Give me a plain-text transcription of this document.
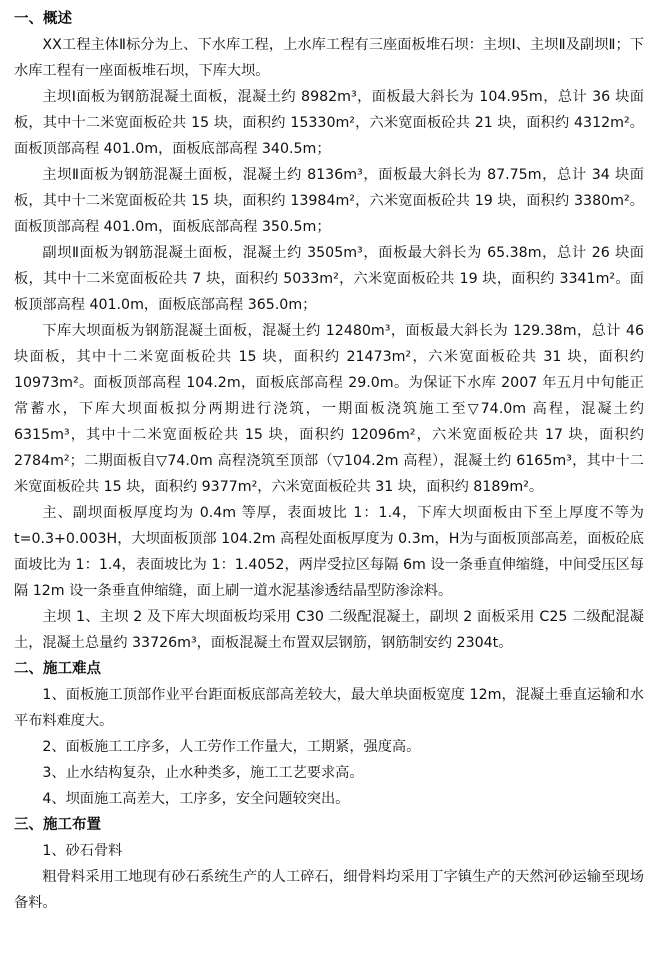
一、概述

XX工程主体Ⅱ标分为上、下水库工程，上水库工程有三座面板堆石坝：主坝Ⅰ、主坝Ⅱ及副坝Ⅱ；下水库工程有一座面板堆石坝，下库大坝。

主坝Ⅰ面板为钢筋混凝土面板，混凝土约 8982m³，面板最大斜长为 104.95m，总计 36 块面板，其中十二米宽面板砼共 15 块，面积约 15330m²，六米宽面板砼共 21 块，面积约 4312m²。面板顶部高程 401.0m，面板底部高程 340.5m；

主坝Ⅱ面板为钢筋混凝土面板，混凝土约 8136m³，面板最大斜长为 87.75m，总计 34 块面板，其中十二米宽面板砼共 15 块，面积约 13984m²，六米宽面板砼共 19 块，面积约 3380m²。面板顶部高程 401.0m，面板底部高程 350.5m；

副坝Ⅱ面板为钢筋混凝土面板，混凝土约 3505m³，面板最大斜长为 65.38m，总计 26 块面板，其中十二米宽面板砼共 7 块，面积约 5033m²，六米宽面板砼共 19 块，面积约 3341m²。面板顶部高程 401.0m，面板底部高程 365.0m；

下库大坝面板为钢筋混凝土面板，混凝土约 12480m³，面板最大斜长为 129.38m，总计 46 块面板，其中十二米宽面板砼共 15 块，面积约 21473m²，六米宽面板砼共 31 块，面积约 10973m²。面板顶部高程 104.2m，面板底部高程 29.0m。为保证下水库 2007 年五月中旬能正常蓄水，下库大坝面板拟分两期进行浇筑，一期面板浇筑施工至▽74.0m 高程，混凝土约 6315m³，其中十二米宽面板砼共 15 块，面积约 12096m²，六米宽面板砼共 17 块，面积约 2784m²；二期面板自▽74.0m 高程浇筑至顶部（▽104.2m 高程），混凝土约 6165m³，其中十二米宽面板砼共 15 块，面积约 9377m²，六米宽面板砼共 31 块，面积约 8189m²。

主、副坝面板厚度均为 0.4m 等厚，表面坡比 1：1.4，下库大坝面板由下至上厚度不等为 t=0.3+0.003H，大坝面板顶部 104.2m 高程处面板厚度为 0.3m，H为与面板顶部高差，面板砼底面坡比为 1：1.4，表面坡比为 1：1.4052，两岸受拉区每隔 6m 设一条垂直伸缩缝，中间受压区每隔 12m 设一条垂直伸缩缝，面上刷一道水泥基渗透结晶型防渗涂料。

主坝 1、主坝 2 及下库大坝面板均采用 C30 二级配混凝土，副坝 2 面板采用 C25 二级配混凝土，混凝土总量约 33726m³，面板混凝土布置双层钢筋，钢筋制安约 2304t。

二、施工难点

1、面板施工顶部作业平台距面板底部高差较大，最大单块面板宽度 12m，混凝土垂直运输和水平布料难度大。

2、面板施工工序多，人工劳作工作量大，工期紧，强度高。

3、止水结构复杂，止水种类多，施工工艺要求高。

4、坝面施工高差大，工序多，安全问题较突出。

三、施工布置

1、砂石骨料

粗骨料采用工地现有砂石系统生产的人工碎石，细骨料均采用丁字镇生产的天然河砂运输至现场备料。
